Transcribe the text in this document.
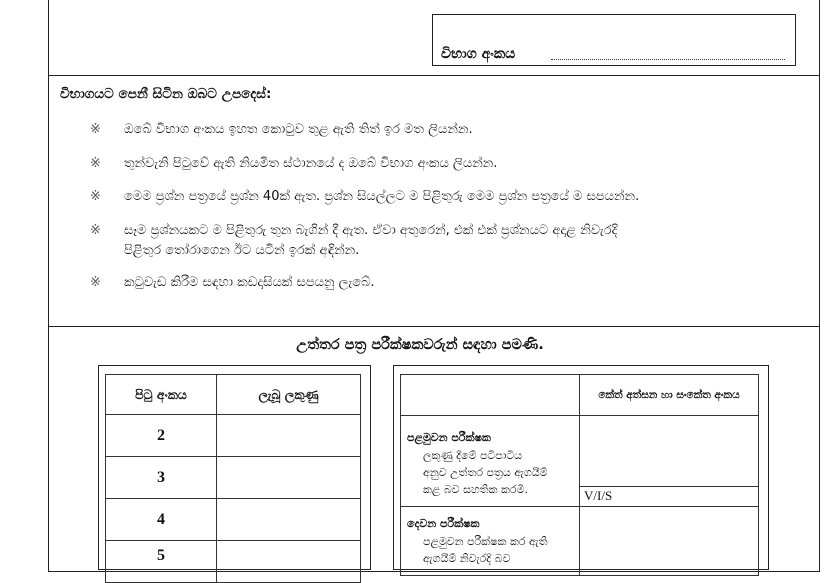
විභාග අංකය
විභාගයට පෙනී සිටින ඔබට උපදෙස්:
※ ඔබේ විභාග අංකය ඉහත කොටුව තුළ ඇති තිත් ඉර මත ලියන්න.
※ තුන්වැනි පිටුවේ ඇති නියමිත ස්ථානයේ ද ඔබේ විභාග අංකය ලියන්න.
※ මෙම ප්‍රශ්න පත්‍රයේ ප්‍රශ්න 40ක් ඇත. ප්‍රශ්න සියල්ලට ම පිළිතුරු මෙම ප්‍රශ්න පත්‍රයේ ම සපයන්න.
※ සෑම ප්‍රශ්නයකට ම පිළිතුරු තුන බැගින් දී ඇත. ඒවා අතුරෙන්, එක් එක් ප්‍රශ්නයට අදාළ නිවැරදි
පිළිතුර තෝරාගෙන ඊට යටින් ඉරක් අඳින්න.
※ කටුවැඩ කිරීම සඳහා කඩදාසියක් සපයනු ලැබේ.
උත්තර පත්‍ර පරීක්ෂකවරුන් සඳහා පමණි.
පිටු අංකය	ලැබූ ලකුණු
2
3
4
5
කේත් අත්සන හා සංකේත අංකය
පළමුවන පරීක්ෂක
ලකුණු දීමේ පටිපාටිය
අනුව උත්තර පත්‍රය ඇගයීම්
කළ බව සහතික කරමි.	V/I/S
දෙවන පරීක්ෂක
පළමුවන පරීක්ෂක කර ඇති
ඇගයීම් නිවැරදි බව
